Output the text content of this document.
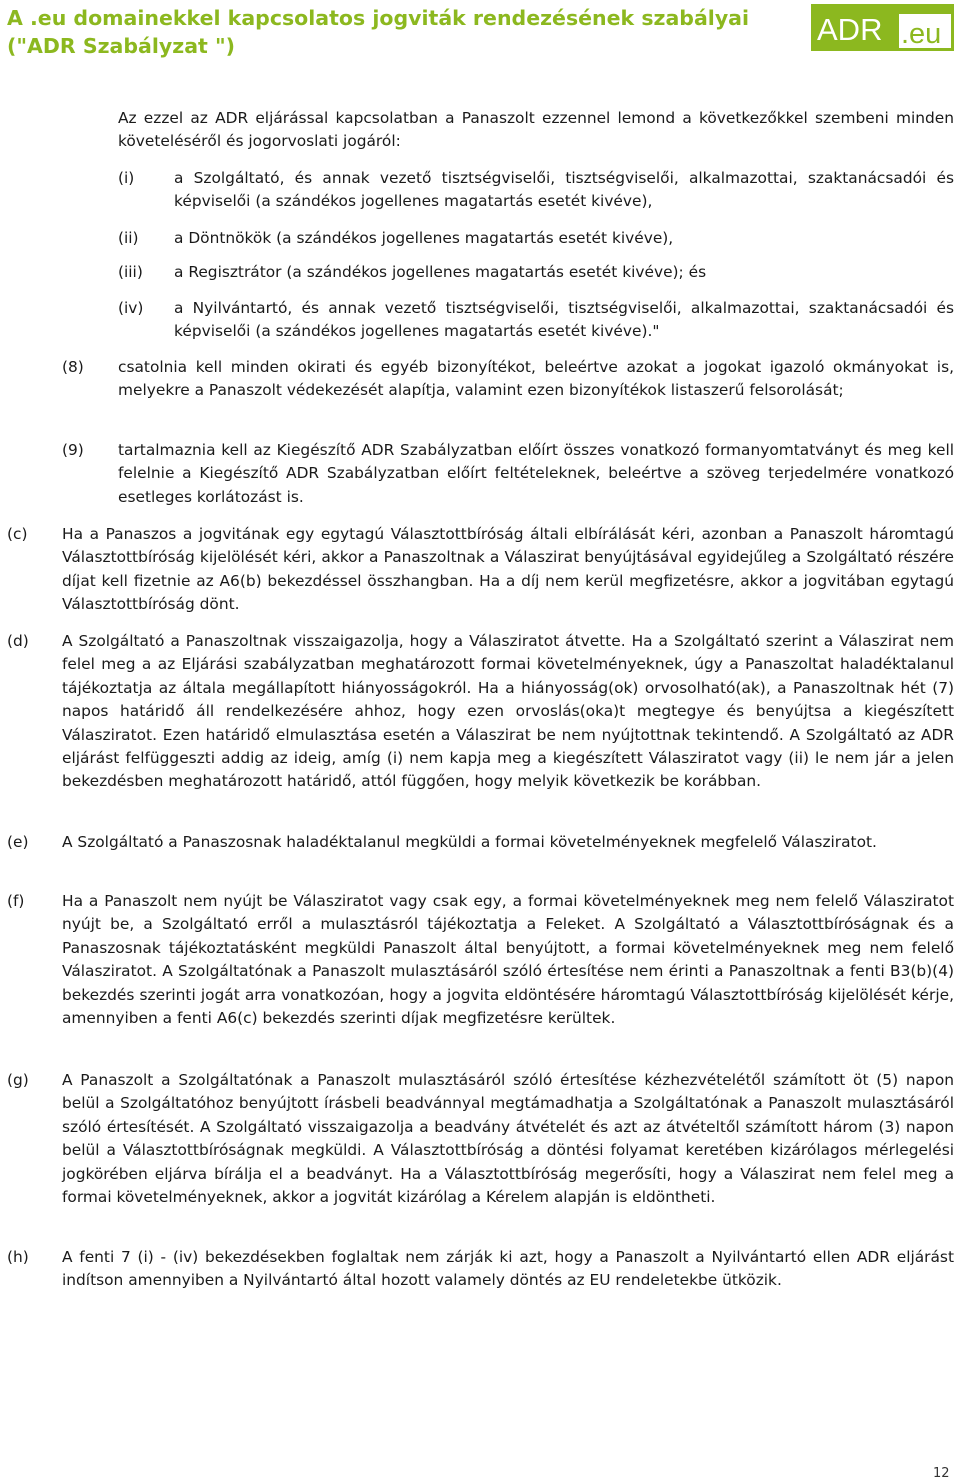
A .eu domainekkel kapcsolatos jogviták rendezésének szabályai
("ADR Szabályzat ")	ADR .eu
Az ezzel az ADR eljárással kapcsolatban a Panaszolt ezzennel lemond a következőkkel szembeni minden követeléséről és jogorvoslati jogáról:
(i)	a Szolgáltató, és annak vezető tisztségviselői, tisztségviselői, alkalmazottai, szaktanácsadói és képviselői (a szándékos jogellenes magatartás esetét kivéve),
(ii) a Döntnökök (a szándékos jogellenes magatartás esetét kivéve),
(iii) a Regisztrátor (a szándékos jogellenes magatartás esetét kivéve); és
(iv) a Nyilvántartó, és annak vezető tisztségviselői, tisztségviselői, alkalmazottai, szaktanácsadói és képviselői (a szándékos jogellenes magatartás esetét kivéve)."
(8) csatolnia kell minden okirati és egyéb bizonyítékot, beleértve azokat a jogokat igazoló okmányokat is, melyekre a Panaszolt védekezését alapítja, valamint ezen bizonyítékok listaszerű felsorolását;
(9) tartalmaznia kell az Kiegészítő ADR Szabályzatban előírt összes vonatkozó formanyomtatványt és meg kell felelnie a Kiegészítő ADR Szabályzatban előírt feltételeknek, beleértve a szöveg terjedelmére vonatkozó esetleges korlátozást is.
(c) Ha a Panaszos a jogvitának egy egytagú Választottbíróság általi elbírálását kéri, azonban a Panaszolt háromtagú Választottbíróság kijelölését kéri, akkor a Panaszoltnak a Válaszirat benyújtásával egyidejűleg a Szolgáltató részére díjat kell fizetnie az A6(b) bekezdéssel összhangban. Ha a díj nem kerül megfizetésre, akkor a jogvitában egytagú Választottbíróság dönt.
(d) A Szolgáltató a Panaszoltnak visszaigazolja, hogy a Válasziratot átvette. Ha a Szolgáltató szerint a Válaszirat nem felel meg a az Eljárási szabályzatban meghatározott formai követelményeknek, úgy a Panaszoltat haladéktalanul tájékoztatja az általa megállapított hiányosságokról. Ha a hiányosság(ok) orvosolható(ak), a Panaszoltnak hét (7) napos határidő áll rendelkezésére ahhoz, hogy ezen orvoslás(oka)t megtegye és benyújtsa a kiegészített Válasziratot. Ezen határidő elmulasztása esetén a Válaszirat be nem nyújtottnak tekintendő. A Szolgáltató az ADR eljárást felfüggeszti addig az ideig, amíg (i) nem kapja meg a kiegészített Válasziratot vagy (ii) le nem jár a jelen bekezdésben meghatározott határidő, attól függően, hogy melyik következik be korábban.
(e) A Szolgáltató a Panaszosnak haladéktalanul megküldi a formai követelményeknek megfelelő Válasziratot.
(f) Ha a Panaszolt nem nyújt be Válasziratot vagy csak egy, a formai követelményeknek meg nem felelő Válasziratot nyújt be, a Szolgáltató erről a mulasztásról tájékoztatja a Feleket. A Szolgáltató a Választottbíróságnak és a Panaszosnak tájékoztatásként megküldi Panaszolt által benyújtott, a formai követelményeknek meg nem felelő Válasziratot. A Szolgáltatónak a Panaszolt mulasztásáról szóló értesítése nem érinti a Panaszoltnak a fenti B3(b)(4) bekezdés szerinti jogát arra vonatkozóan, hogy a jogvita eldöntésére háromtagú Választottbíróság kijelölését kérje, amennyiben a fenti A6(c) bekezdés szerinti díjak megfizetésre kerültek.
(g) A Panaszolt a Szolgáltatónak a Panaszolt mulasztásáról szóló értesítése kézhezvételétől számított öt (5) napon belül a Szolgáltatóhoz benyújtott írásbeli beadvánnyal megtámadhatja a Szolgáltatónak a Panaszolt mulasztásáról szóló értesítését. A Szolgáltató visszaigazolja a beadvány átvételét és azt az átvételtől számított három (3) napon belül a Választottbíróságnak megküldi. A Választottbíróság a döntési folyamat keretében kizárólagos mérlegelési jogkörében eljárva bírálja el a beadványt. Ha a Választottbíróság megerősíti, hogy a Válaszirat nem felel meg a formai követelményeknek, akkor a jogvitát kizárólag a Kérelem alapján is eldöntheti.
(h) A fenti 7 (i) - (iv) bekezdésekben foglaltak nem zárják ki azt, hogy a Panaszolt a Nyilvántartó ellen ADR eljárást indítson amennyiben a Nyilvántartó által hozott valamely döntés az EU rendeletekbe ütközik.
12
